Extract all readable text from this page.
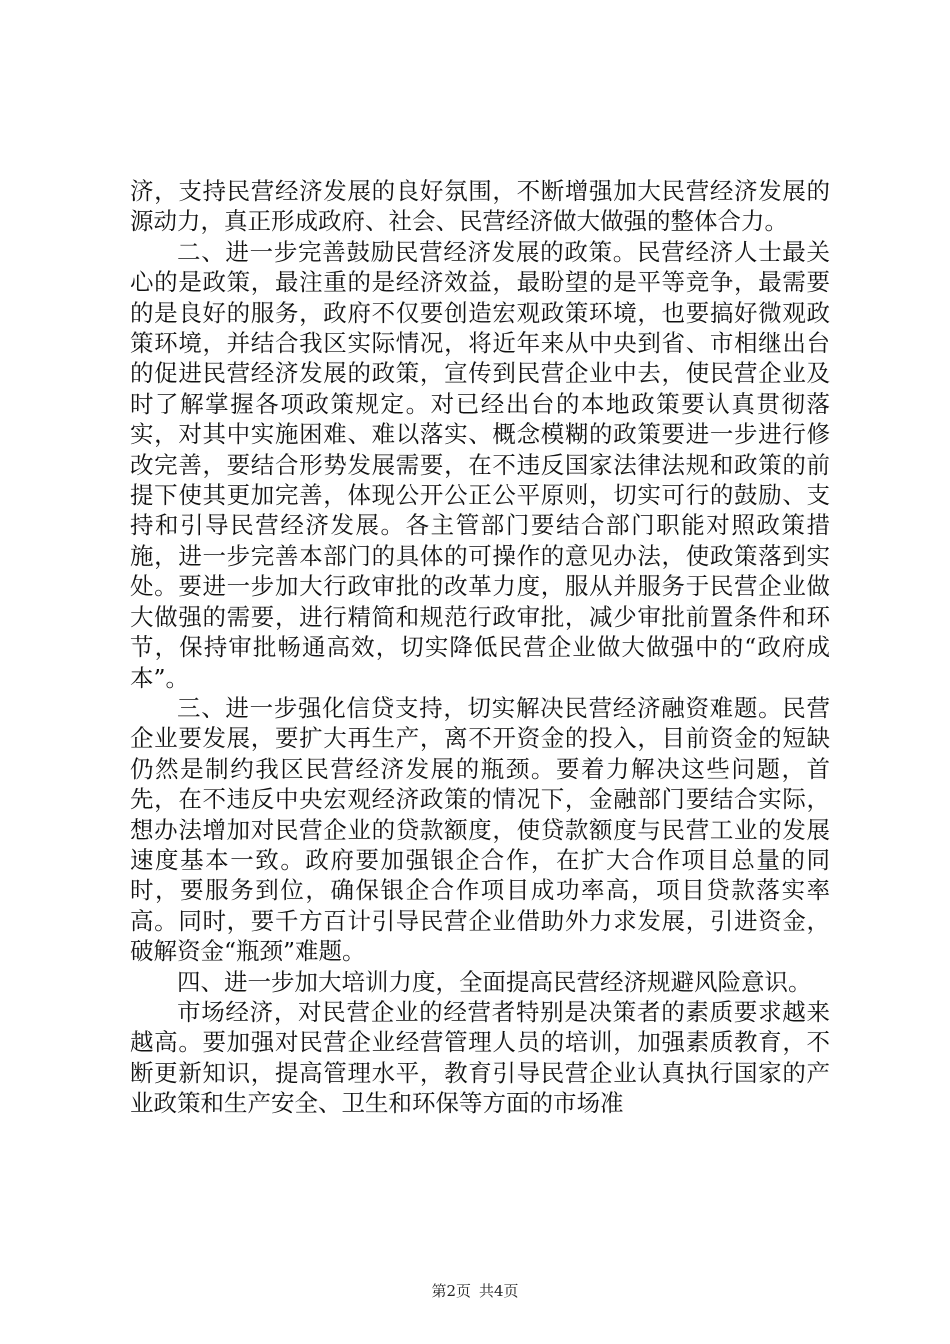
济，支持民营经济发展的良好氛围，不断增强加大民营经济发展的源动力，真正形成政府、社会、民营经济做大做强的整体合力。

二、进一步完善鼓励民营经济发展的政策。民营经济人士最关心的是政策，最注重的是经济效益，最盼望的是平等竞争，最需要的是良好的服务，政府不仅要创造宏观政策环境，也要搞好微观政策环境，并结合我区实际情况，将近年来从中央到省、市相继出台的促进民营经济发展的政策，宣传到民营企业中去，使民营企业及时了解掌握各项政策规定。对已经出台的本地政策要认真贯彻落实，对其中实施困难、难以落实、概念模糊的政策要进一步进行修改完善，要结合形势发展需要，在不违反国家法律法规和政策的前提下使其更加完善，体现公开公正公平原则，切实可行的鼓励、支持和引导民营经济发展。各主管部门要结合部门职能对照政策措施，进一步完善本部门的具体的可操作的意见办法，使政策落到实处。要进一步加大行政审批的改革力度，服从并服务于民营企业做大做强的需要，进行精简和规范行政审批，减少审批前置条件和环节，保持审批畅通高效，切实降低民营企业做大做强中的“政府成本”。

三、进一步强化信贷支持，切实解决民营经济融资难题。民营企业要发展，要扩大再生产，离不开资金的投入，目前资金的短缺仍然是制约我区民营经济发展的瓶颈。要着力解决这些问题，首先，在不违反中央宏观经济政策的情况下，金融部门要结合实际，想办法增加对民营企业的贷款额度，使贷款额度与民营工业的发展速度基本一致。政府要加强银企合作，在扩大合作项目总量的同时，要服务到位，确保银企合作项目成功率高，项目贷款落实率高。同时，要千方百计引导民营企业借助外力求发展，引进资金，破解资金“瓶颈”难题。

四、进一步加大培训力度，全面提高民营经济规避风险意识。

市场经济，对民营企业的经营者特别是决策者的素质要求越来越高。要加强对民营企业经营管理人员的培训，加强素质教育，不断更新知识，提高管理水平，教育引导民营企业认真执行国家的产业政策和生产安全、卫生和环保等方面的市场准

第2页 共4页
